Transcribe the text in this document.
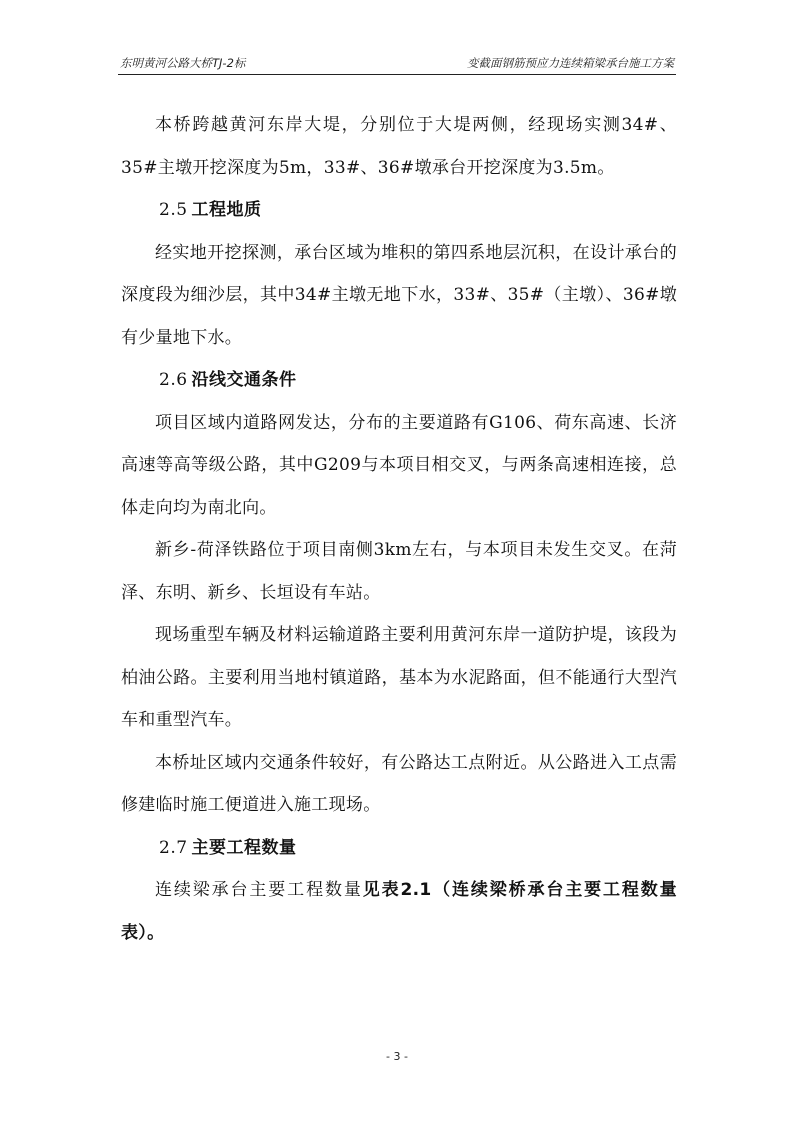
东明黄河公路大桥TJ-2标	变截面钢筋预应力连续箱梁承台施工方案

本桥跨越黄河东岸大堤，分别位于大堤两侧，经现场实测34#、35#主墩开挖深度为5m，33#、36#墩承台开挖深度为3.5m。

2.5 工程地质

经实地开挖探测，承台区域为堆积的第四系地层沉积，在设计承台的深度段为细沙层，其中34#主墩无地下水，33#、35#（主墩）、36#墩有少量地下水。

2.6 沿线交通条件

项目区域内道路网发达，分布的主要道路有G106、荷东高速、长济高速等高等级公路，其中G209与本项目相交叉，与两条高速相连接，总体走向均为南北向。

新乡-荷泽铁路位于项目南侧3km左右，与本项目未发生交叉。在菏泽、东明、新乡、长垣设有车站。

现场重型车辆及材料运输道路主要利用黄河东岸一道防护堤，该段为柏油公路。主要利用当地村镇道路，基本为水泥路面，但不能通行大型汽车和重型汽车。

本桥址区域内交通条件较好，有公路达工点附近。从公路进入工点需修建临时施工便道进入施工现场。

2.7 主要工程数量

连续梁承台主要工程数量见表2.1（连续梁桥承台主要工程数量表）。

- 3 -
